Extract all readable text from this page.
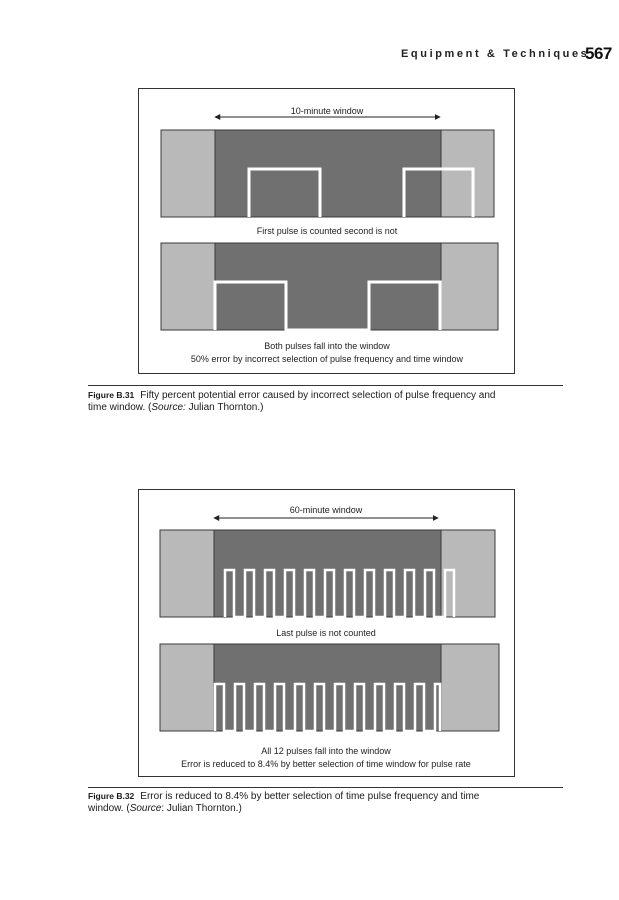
Equipment & Techniques
567
10-minute window
First pulse is counted second is not
Both pulses fall into the window
50% error by incorrect selection of pulse frequency and time window
Figure B.31 Fifty percent potential error caused by incorrect selection of pulse frequency and
time window. (Source: Julian Thornton.)
60-minute window
Last pulse is not counted
All 12 pulses fall into the window
Error is reduced to 8.4% by better selection of time window for pulse rate
Figure B.32 Error is reduced to 8.4% by better selection of time pulse frequency and time
window. (Source: Julian Thornton.)
